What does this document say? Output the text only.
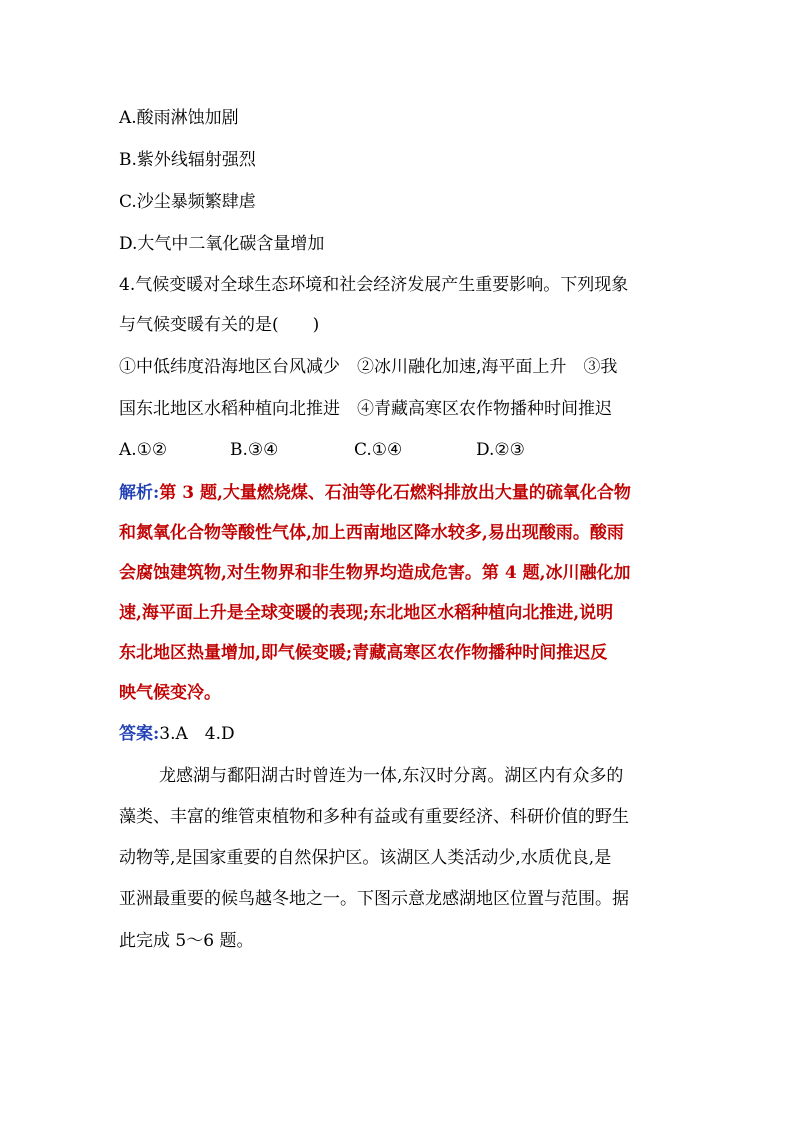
A.酸雨淋蚀加剧
B.紫外线辐射强烈
C.沙尘暴频繁肆虐
D.大气中二氧化碳含量增加
4.气候变暖对全球生态环境和社会经济发展产生重要影响。下列现象
与气候变暖有关的是(　　)
①中低纬度沿海地区台风减少　②冰川融化加速,海平面上升　③我
国东北地区水稻种植向北推进　④青藏高寒区农作物播种时间推迟
A.①②	B.③④	C.①④	D.②③
解析:第 3 题,大量燃烧煤、石油等化石燃料排放出大量的硫氧化合物
和氮氧化合物等酸性气体,加上西南地区降水较多,易出现酸雨。酸雨
会腐蚀建筑物,对生物界和非生物界均造成危害。第 4 题,冰川融化加
速,海平面上升是全球变暖的表现;东北地区水稻种植向北推进,说明
东北地区热量增加,即气候变暖;青藏高寒区农作物播种时间推迟反
映气候变冷。
答案:3.A　4.D
龙感湖与鄱阳湖古时曾连为一体,东汉时分离。湖区内有众多的
藻类、丰富的维管束植物和多种有益或有重要经济、科研价值的野生
动物等,是国家重要的自然保护区。该湖区人类活动少,水质优良,是
亚洲最重要的候鸟越冬地之一。下图示意龙感湖地区位置与范围。据
此完成 5～6 题。
